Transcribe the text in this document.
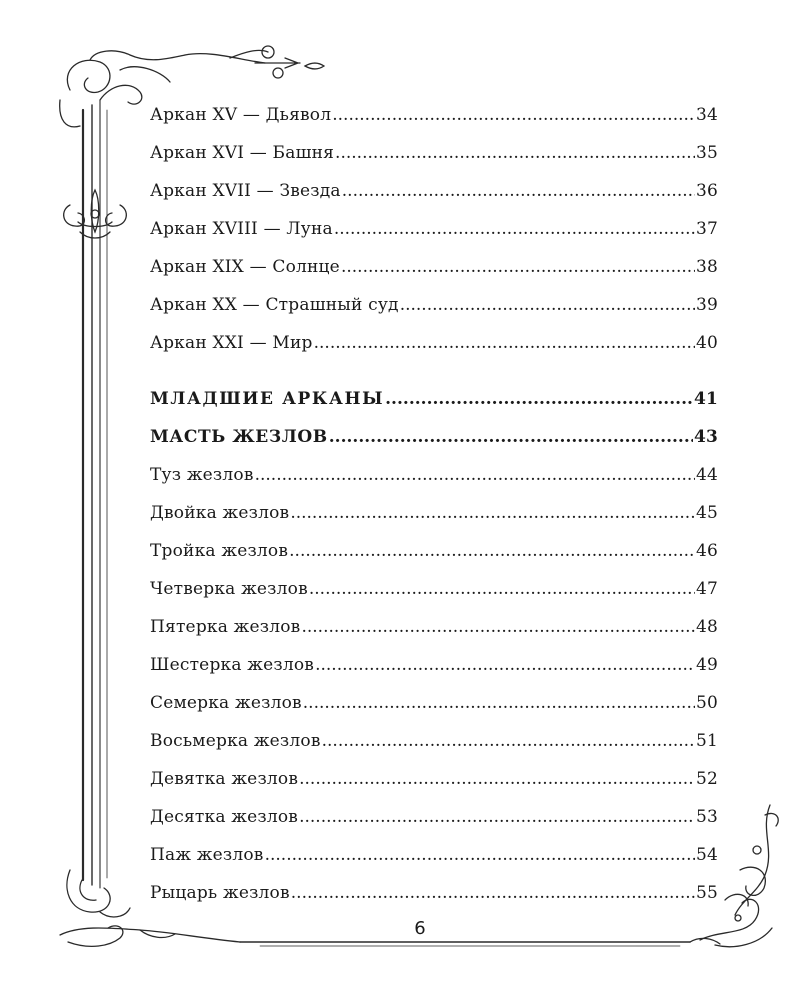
Аркан XV — Дьявол .....	34
Аркан XVI — Башня .....	35
Аркан XVII — Звезда .....	36
Аркан XVIII — Луна .....	37
Аркан XIX — Солнце .....	38
Аркан XX — Страшный суд .....	39
Аркан XXI — Мир .....	40
МЛАДШИЕ АРКАНЫ .....	41
МАСТЬ ЖЕЗЛОВ .....	43
Туз жезлов .....	44
Двойка жезлов .....	45
Тройка жезлов .....	46
Четверка жезлов .....	47
Пятерка жезлов .....	48
Шестерка жезлов .....	49
Семерка жезлов .....	50
Восьмерка жезлов .....	51
Девятка жезлов .....	52
Десятка жезлов .....	53
Паж жезлов .....	54
Рыцарь жезлов .....	55
6
